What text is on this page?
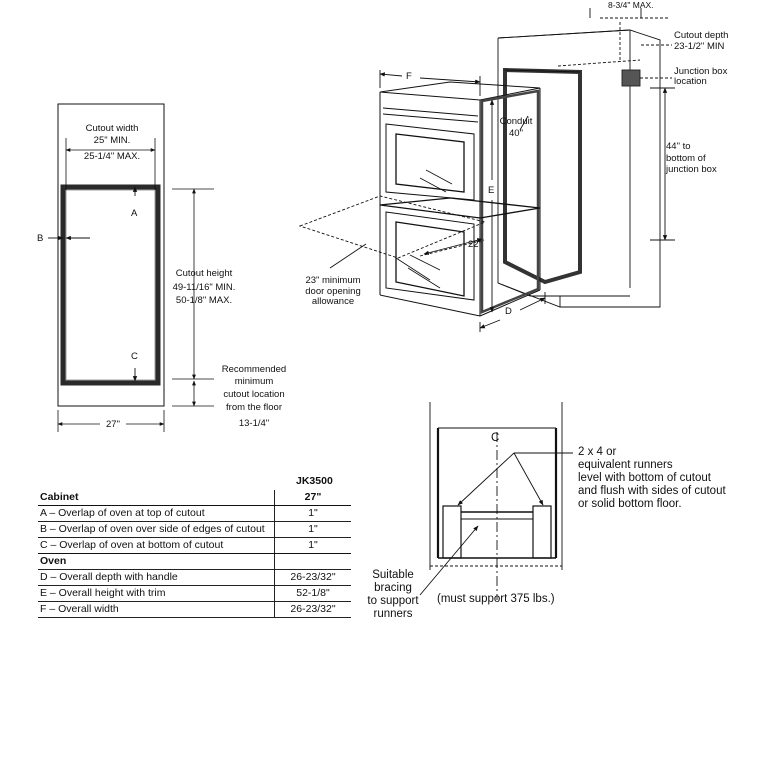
Cutout width
25" MIN.
25-1/4" MAX.
A
B
C
Cutout height
49-11/16" MIN.
50-1/8" MAX.
Recommended
minimum
cutout location
from the floor
13-1/4"
27"
8-3/4" MAX.
Cutout depth
23-1/2" MIN
Junction box
location
Conduit
40"
44" to
bottom of
junction box
F
E
D
22"
23" minimum
door opening
allowance
JK3500
Cabinet	27"
A – Overlap of oven at top of cutout	1"
B – Overlap of oven over side of edges of cutout	1"
C – Overlap of oven at bottom of cutout	1"
Oven	
D – Overall depth with handle	26-23/32"
E – Overall height with trim	52-1/8"
F – Overall width	26-23/32"
C
2 x 4 or
equivalent runners
level with bottom of cutout
and flush with sides of cutout
or solid bottom floor.
Suitable
bracing
to support
runners
(must support 375 lbs.)
